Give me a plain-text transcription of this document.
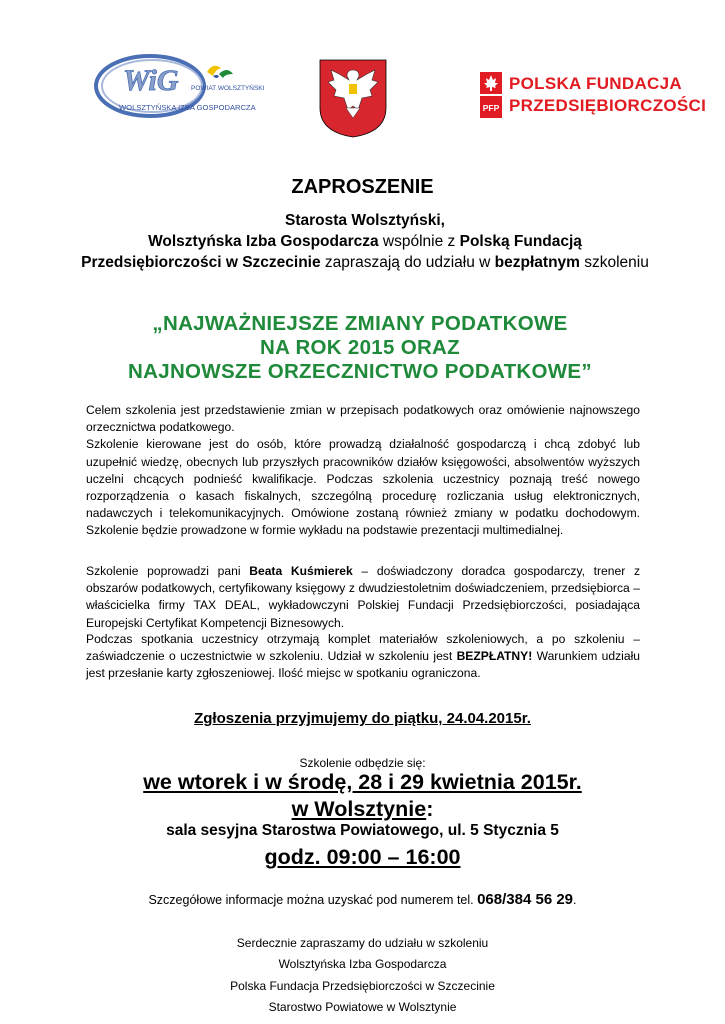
WiG POWIAT WOLSZTYŃSKI
WOLSZTYŃSKA IZBA GOSPODARCZA	PFP
POLSKA FUNDACJA
PRZEDSIĘBIORCZOŚCI
ZAPROSZENIE
Starosta Wolsztyński,
Wolsztyńska Izba Gospodarcza wspólnie z Polską Fundacją Przedsiębiorczości w Szczecinie zapraszają do udziału w bezpłatnym szkoleniu
„NAJWAŻNIEJSZE ZMIANY PODATKOWE
NA ROK 2015 ORAZ
NAJNOWSZE ORZECZNICTWO PODATKOWE”

Celem szkolenia jest przedstawienie zmian w przepisach podatkowych oraz omówienie najnowszego orzecznictwa podatkowego.

Szkolenie kierowane jest do osób, które prowadzą działalność gospodarczą i chcą zdobyć lub uzupełnić wiedzę, obecnych lub przyszłych pracowników działów księgowości, absolwentów wyższych uczelni chcących podnieść kwalifikacje. Podczas szkolenia uczestnicy poznają treść nowego rozporządzenia o kasach fiskalnych, szczególną procedurę rozliczania usług elektronicznych, nadawczych i telekomunikacyjnych. Omówione zostaną również zmiany w podatku dochodowym. Szkolenie będzie prowadzone w formie wykładu na podstawie prezentacji multimedialnej.

Szkolenie poprowadzi pani Beata Kuśmierek – doświadczony doradca gospodarczy, trener z obszarów podatkowych, certyfikowany księgowy z dwudziestoletnim doświadczeniem, przedsiębiorca – właścicielka firmy TAX DEAL, wykładowczyni Polskiej Fundacji Przedsiębiorczości, posiadająca Europejski Certyfikat Kompetencji Biznesowych.

Podczas spotkania uczestnicy otrzymają komplet materiałów szkoleniowych, a po szkoleniu – zaświadczenie o uczestnictwie w szkoleniu. Udział w szkoleniu jest BEZPŁATNY! Warunkiem udziału jest przesłanie karty zgłoszeniowej. Ilość miejsc w spotkaniu ograniczona.

Zgłoszenia przyjmujemy do piątku, 24.04.2015r.
Szkolenie odbędzie się:
we wtorek i w środę, 28 i 29 kwietnia 2015r.
w Wolsztynie:
sala sesyjna Starostwa Powiatowego, ul. 5 Stycznia 5
godz. 09:00 – 16:00
Szczegółowe informacje można uzyskać pod numerem tel. 068/384 56 29.
Serdecznie zapraszamy do udziału w szkoleniu
Wolsztyńska Izba Gospodarcza
Polska Fundacja Przedsiębiorczości w Szczecinie
Starostwo Powiatowe w Wolsztynie
